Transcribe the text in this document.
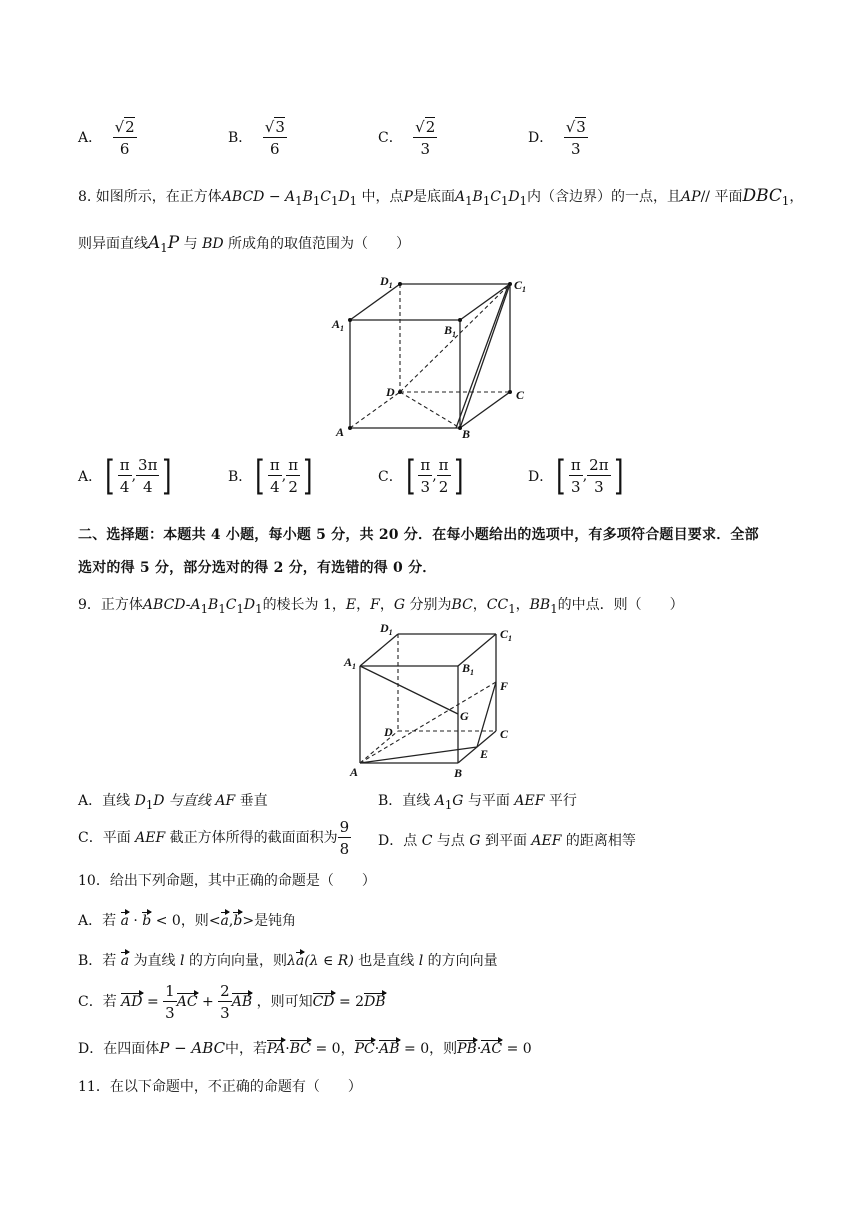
A． $\frac{√2}{6}$	B． $\frac{√3}{6}$	C． $\frac{√2}{3}$	D． $\frac{√3}{3}$
8. 如图所示，在正方体ABCD − $A_1B_1C_1D_1$ 中，点P是底面$A_1B_1C_1D_1$内（含边界）的一点，且AP// 平面$DBC_1$，
则异面直线$A_1P$ 与 BD 所成角的取值范围为（　　）
$D_1$	$C_1$
$A_1$	$B_1$
D	C
A	B
A． [ $\frac{\pi}{4}$ , $\frac{3\pi}{4}$ ]	B． [ $\frac{\pi}{4}$ , $\frac{\pi}{2}$ ]	C． [ $\frac{\pi}{3}$ , $\frac{\pi}{2}$ ]	D． [ $\frac{\pi}{3}$ , $\frac{2\pi}{3}$ ]
二、选择题：本题共 4 小题，每小题 5 分，共 20 分．在每小题给出的选项中，有多项符合题目要求．全部
选对的得 5 分，部分选对的得 2 分，有选错的得 0 分．
9．正方体ABCD-$A_1B_1C_1D_1$的棱长为 1，E，F，G 分别为BC，$CC_1$，$BB_1$的中点．则（　　）
$D_1$	$C_1$
$A_1$	$B_1$
F
G
D	C
E
A	B
A．直线 $D_1D$ 与直线 AF 垂直	B．直线 $A_1G$ 与平面 AEF 平行
C．平面 AEF 截正方体所得的截面面积为 $\frac{9}{8}$ D．点 C 与点 G 到平面 AEF 的距离相等
10．给出下列命题，其中正确的命题是（　　）
A．若 a · b < 0，则<a,b>是钝角
B．若 a 为直线 l 的方向向量，则λa(λ ∈ R) 也是直线 l 的方向向量
C．若 AD = $\frac{1}{3}$ AC + $\frac{2}{3}$ AB ，则可知CD = 2DB
D．在四面体P − ABC中，若PA·BC = 0，PC·AB = 0，则PB·AC = 0
11．在以下命题中，不正确的命题有（　　）
